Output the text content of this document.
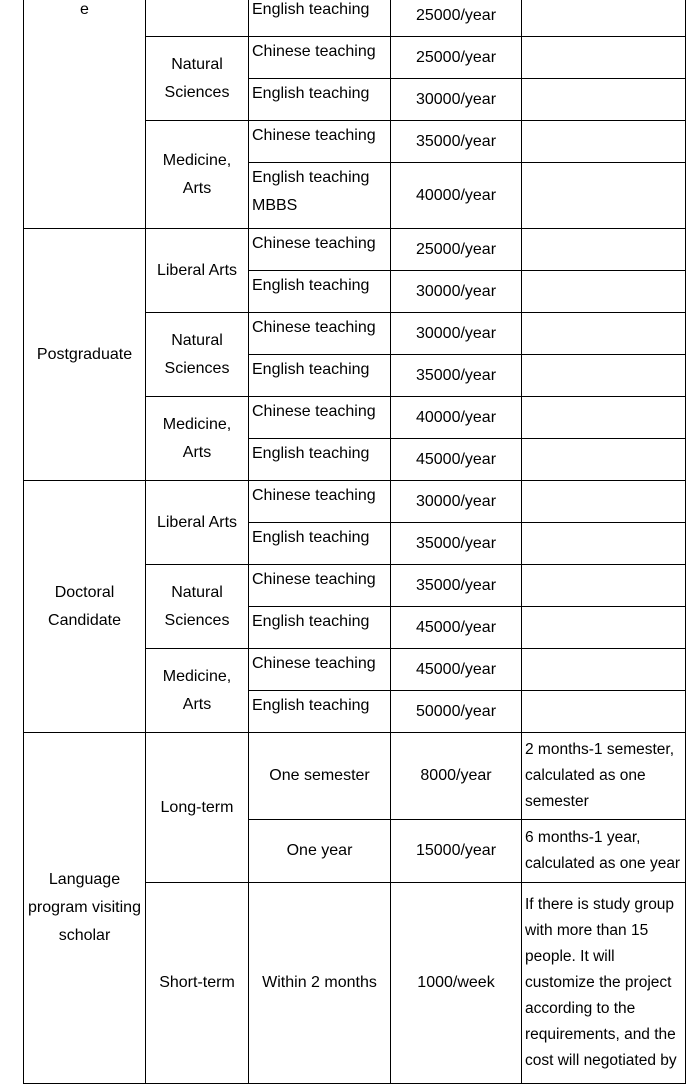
e		English teaching	25000/year	
	Natural Sciences	Chinese teaching	25000/year	
		English teaching	30000/year	
	Medicine, Arts	Chinese teaching	35000/year	
		English teaching MBBS	40000/year	
Postgraduate	Liberal Arts	Chinese teaching	25000/year	
		English teaching	30000/year	
	Natural Sciences	Chinese teaching	30000/year	
		English teaching	35000/year	
	Medicine, Arts	Chinese teaching	40000/year	
		English teaching	45000/year	
Doctoral Candidate	Liberal Arts	Chinese teaching	30000/year	
		English teaching	35000/year	
	Natural Sciences	Chinese teaching	35000/year	
		English teaching	45000/year	
	Medicine, Arts	Chinese teaching	45000/year	
		English teaching	50000/year	
Language program visiting scholar	Long-term	One semester	8000/year	2 months-1 semester, calculated as one semester
		One year	15000/year	6 months-1 year, calculated as one year
	Short-term	Within 2 months	1000/week	If there is study group with more than 15 people. It will customize the project according to the requirements, and the cost will negotiated by
